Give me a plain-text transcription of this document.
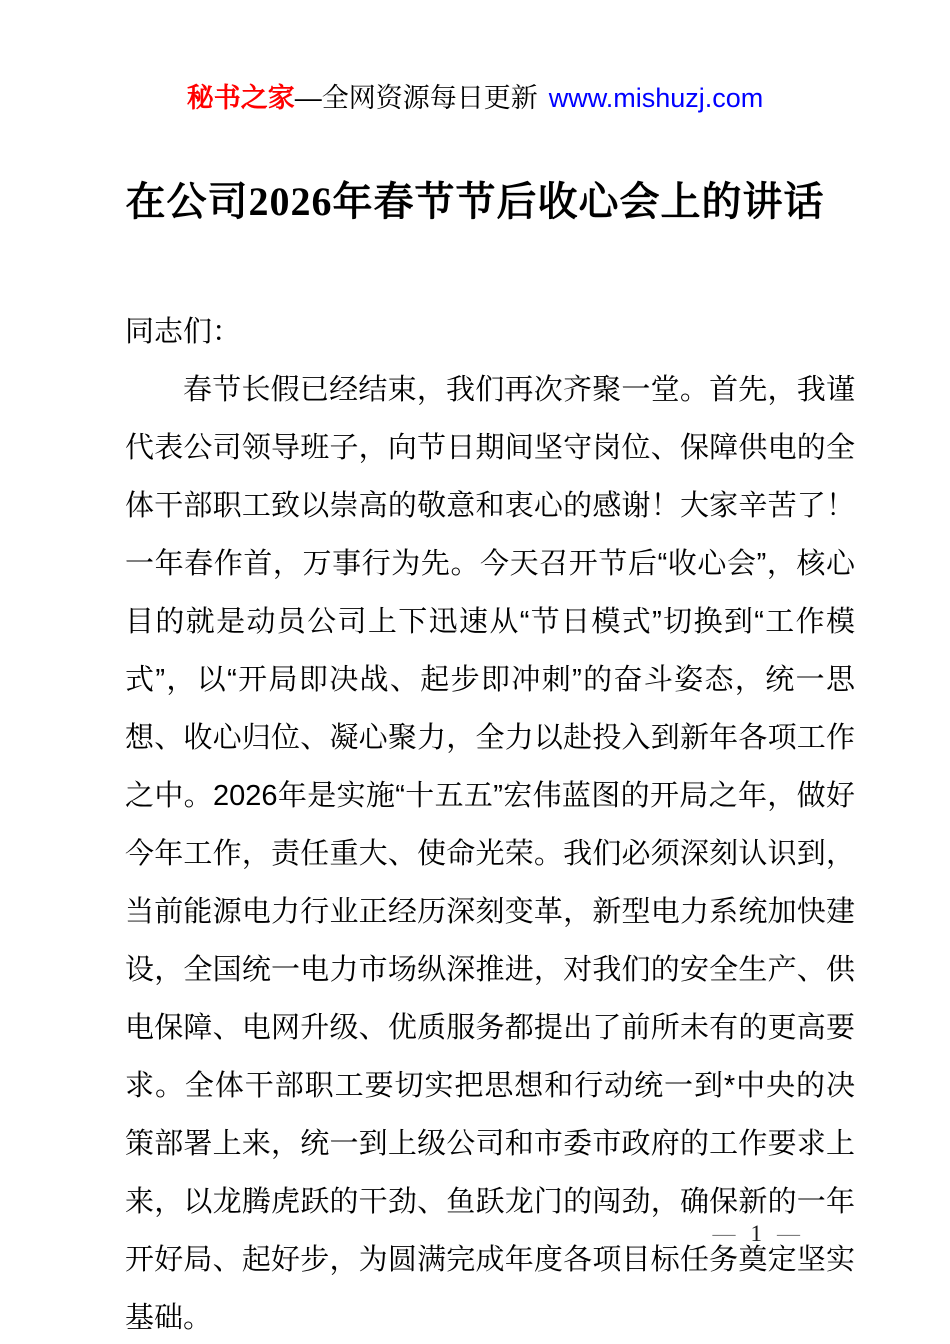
秘书之家—全网资源每日更新 www.mishuzj.com
在公司2026年春节节后收心会上的讲话

同志们：

春节长假已经结束，我们再次齐聚一堂。首先，我谨代表公司领导班子，向节日期间坚守岗位、保障供电的全体干部职工致以崇高的敬意和衷心的感谢！大家辛苦了！一年春作首，万事行为先。今天召开节后“收心会”，核心目的就是动员公司上下迅速从“节日模式”切换到“工作模式”，以“开局即决战、起步即冲刺”的奋斗姿态，统一思想、收心归位、凝心聚力，全力以赴投入到新年各项工作之中。2026年是实施“十五五”宏伟蓝图的开局之年，做好今年工作，责任重大、使命光荣。我们必须深刻认识到，当前能源电力行业正经历深刻变革，新型电力系统加快建设，全国统一电力市场纵深推进，对我们的安全生产、供电保障、电网升级、优质服务都提出了前所未有的更高要求。全体干部职工要切实把思想和行动统一到*中央的决策部署上来，统一到上级公司和市委市政府的工作要求上来，以龙腾虎跃的干劲、鱼跃龙门的闯劲，确保新的一年开好局、起好步，为圆满完成年度各项目标任务奠定坚实基础。

— 1 —
